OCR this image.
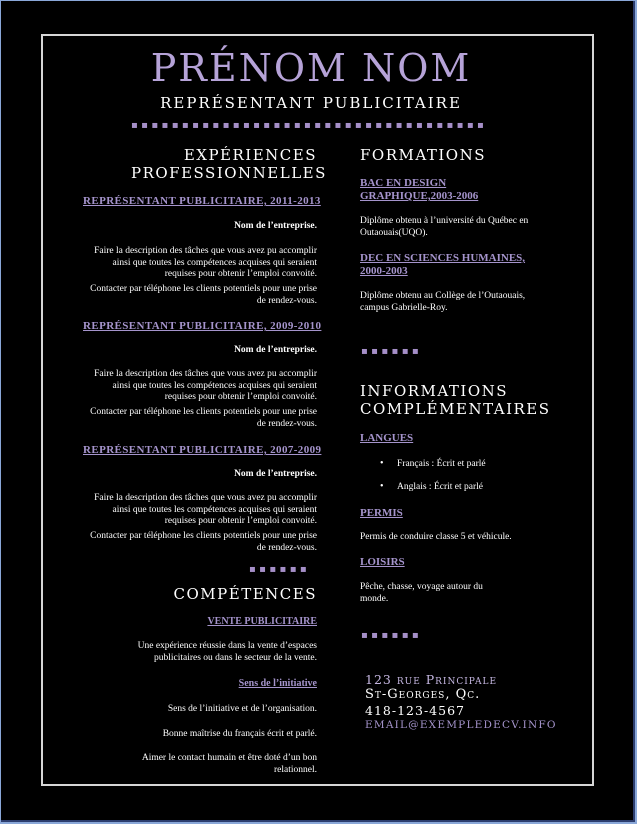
PRÉNOM NOM
REPRÉSENTANT PUBLICITAIRE
▪▪▪▪▪▪▪▪▪▪▪▪▪▪▪▪▪▪▪▪▪▪▪▪▪▪▪▪▪▪▪▪▪▪▪
EXPÉRIENCES
PROFESSIONNELLES
REPRÉSENTANT PUBLICITAIRE, 2011-2013
Nom de l’entreprise.
Faire la description des tâches que vous avez pu accomplir ainsi que toutes les compétences acquises qui seraient requises pour obtenir l’emploi convoité.
Contacter par téléphone les clients potentiels pour une prise de rendez-vous.
REPRÉSENTANT PUBLICITAIRE, 2009-2010
Nom de l’entreprise.
Faire la description des tâches que vous avez pu accomplir ainsi que toutes les compétences acquises qui seraient requises pour obtenir l’emploi convoité.
Contacter par téléphone les clients potentiels pour une prise de rendez-vous.
REPRÉSENTANT PUBLICITAIRE, 2007-2009
Nom de l’entreprise.
Faire la description des tâches que vous avez pu accomplir ainsi que toutes les compétences acquises qui seraient requises pour obtenir l’emploi convoité.
Contacter par téléphone les clients potentiels pour une prise de rendez-vous.
▪▪▪▪▪▪
COMPÉTENCES
VENTE PUBLICITAIRE
Une expérience réussie dans la vente d’espaces publicitaires ou dans le secteur de la vente.
Sens de l’initiative
Sens de l’initiative et de l’organisation.
Bonne maîtrise du français écrit et parlé.
Aimer le contact humain et être doté d’un bon relationnel.
FORMATIONS
BAC EN DESIGN
GRAPHIQUE,2003-2006
Diplôme obtenu à l’université du Québec en Outaouais(UQO).
DEC EN SCIENCES HUMAINES,
2000-2003
Diplôme obtenu au Collège de l’Outaouais, campus Gabrielle-Roy.
▪▪▪▪▪▪
INFORMATIONS
COMPLÉMENTAIRES
LANGUES
• Français : Écrit et parlé
• Anglais : Écrit et parlé
PERMIS
Permis de conduire classe 5 et véhicule.
LOISIRS
Pêche, chasse, voyage autour du monde.
▪▪▪▪▪▪
123 rue Principale
St-Georges, Qc.
418-123-4567
EMAIL@EXEMPLEDECV.INFO
